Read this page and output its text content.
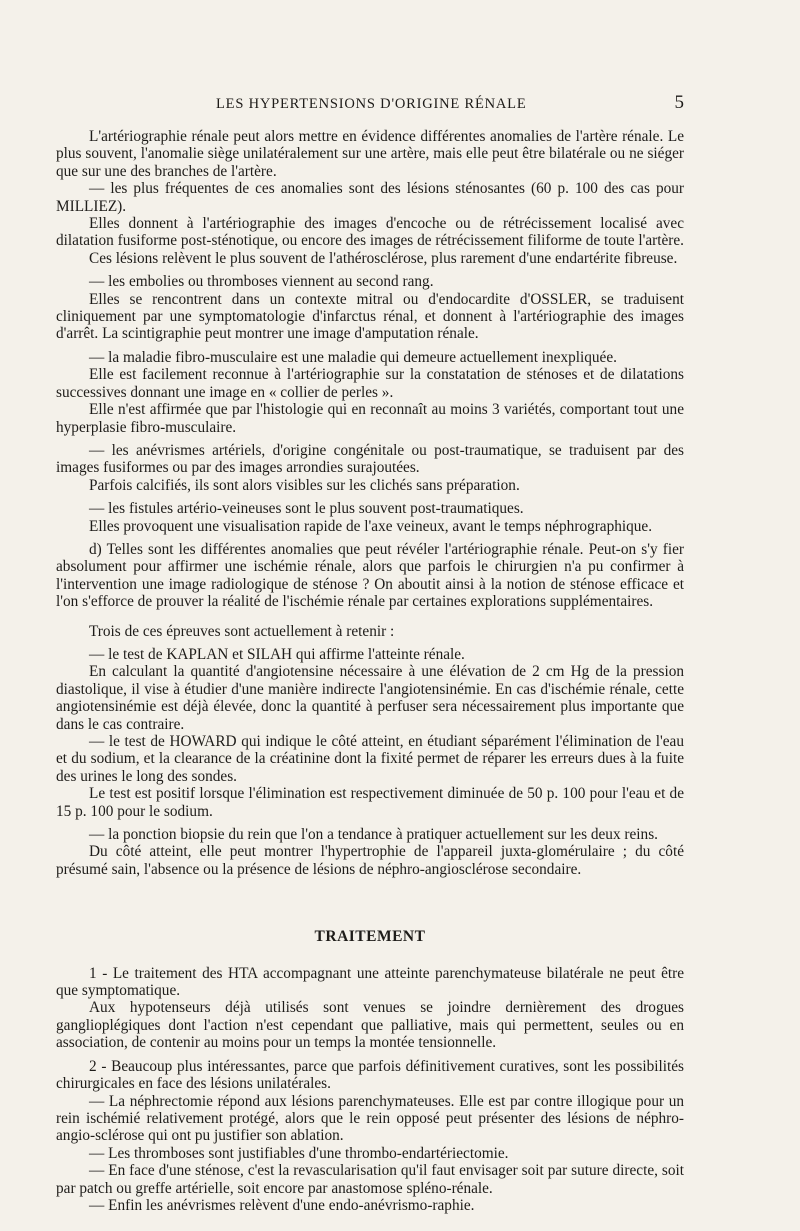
LES HYPERTENSIONS D'ORIGINE RÉNALE	5

L'artériographie rénale peut alors mettre en évidence différentes anomalies de l'artère rénale. Le plus souvent, l'anomalie siège unilatéralement sur une artère, mais elle peut être bilatérale ou ne siéger que sur une des branches de l'artère.

— les plus fréquentes de ces anomalies sont des lésions sténosantes (60 p. 100 des cas pour MILLIEZ).

Elles donnent à l'artériographie des images d'encoche ou de rétrécissement localisé avec dilatation fusiforme post-sténotique, ou encore des images de rétrécissement filiforme de toute l'artère.

Ces lésions relèvent le plus souvent de l'athérosclérose, plus rarement d'une endartérite fibreuse.

— les embolies ou thromboses viennent au second rang.

Elles se rencontrent dans un contexte mitral ou d'endocardite d'OSSLER, se traduisent cliniquement par une symptomatologie d'infarctus rénal, et donnent à l'artériographie des images d'arrêt. La scintigraphie peut montrer une image d'amputation rénale.

— la maladie fibro-musculaire est une maladie qui demeure actuellement inexpliquée.

Elle est facilement reconnue à l'artériographie sur la constatation de sténoses et de dilatations successives donnant une image en « collier de perles ».

Elle n'est affirmée que par l'histologie qui en reconnaît au moins 3 variétés, comportant tout une hyperplasie fibro-musculaire.

— les anévrismes artériels, d'origine congénitale ou post-traumatique, se traduisent par des images fusiformes ou par des images arrondies surajoutées.

Parfois calcifiés, ils sont alors visibles sur les clichés sans préparation.

— les fistules artério-veineuses sont le plus souvent post-traumatiques.

Elles provoquent une visualisation rapide de l'axe veineux, avant le temps néphrographique.

d) Telles sont les différentes anomalies que peut révéler l'artériographie rénale. Peut-on s'y fier absolument pour affirmer une ischémie rénale, alors que parfois le chirurgien n'a pu confirmer à l'intervention une image radiologique de sténose ? On aboutit ainsi à la notion de sténose efficace et l'on s'efforce de prouver la réalité de l'ischémie rénale par certaines explorations supplémentaires.

Trois de ces épreuves sont actuellement à retenir :

— le test de KAPLAN et SILAH qui affirme l'atteinte rénale.

En calculant la quantité d'angiotensine nécessaire à une élévation de 2 cm Hg de la pression diastolique, il vise à étudier d'une manière indirecte l'angiotensinémie. En cas d'ischémie rénale, cette angiotensinémie est déjà élevée, donc la quantité à perfuser sera nécessairement plus importante que dans le cas contraire.

— le test de HOWARD qui indique le côté atteint, en étudiant séparément l'élimination de l'eau et du sodium, et la clearance de la créatinine dont la fixité permet de réparer les erreurs dues à la fuite des urines le long des sondes.

Le test est positif lorsque l'élimination est respectivement diminuée de 50 p. 100 pour l'eau et de 15 p. 100 pour le sodium.

— la ponction biopsie du rein que l'on a tendance à pratiquer actuellement sur les deux reins.

Du côté atteint, elle peut montrer l'hypertrophie de l'appareil juxta-glomérulaire ; du côté présumé sain, l'absence ou la présence de lésions de néphro-angiosclérose secondaire.

TRAITEMENT

1 - Le traitement des HTA accompagnant une atteinte parenchymateuse bilatérale ne peut être que symptomatique.

Aux hypotenseurs déjà utilisés sont venues se joindre dernièrement des drogues ganglioplégiques dont l'action n'est cependant que palliative, mais qui permettent, seules ou en association, de contenir au moins pour un temps la montée tensionnelle.

2 - Beaucoup plus intéressantes, parce que parfois définitivement curatives, sont les possibilités chirurgicales en face des lésions unilatérales.

— La néphrectomie répond aux lésions parenchymateuses. Elle est par contre illogique pour un rein ischémié relativement protégé, alors que le rein opposé peut présenter des lésions de néphro-angio-sclérose qui ont pu justifier son ablation.

— Les thromboses sont justifiables d'une thrombo-endartériectomie.

— En face d'une sténose, c'est la revascularisation qu'il faut envisager soit par suture directe, soit par patch ou greffe artérielle, soit encore par anastomose spléno-rénale.

— Enfin les anévrismes relèvent d'une endo-anévrismo-raphie.
